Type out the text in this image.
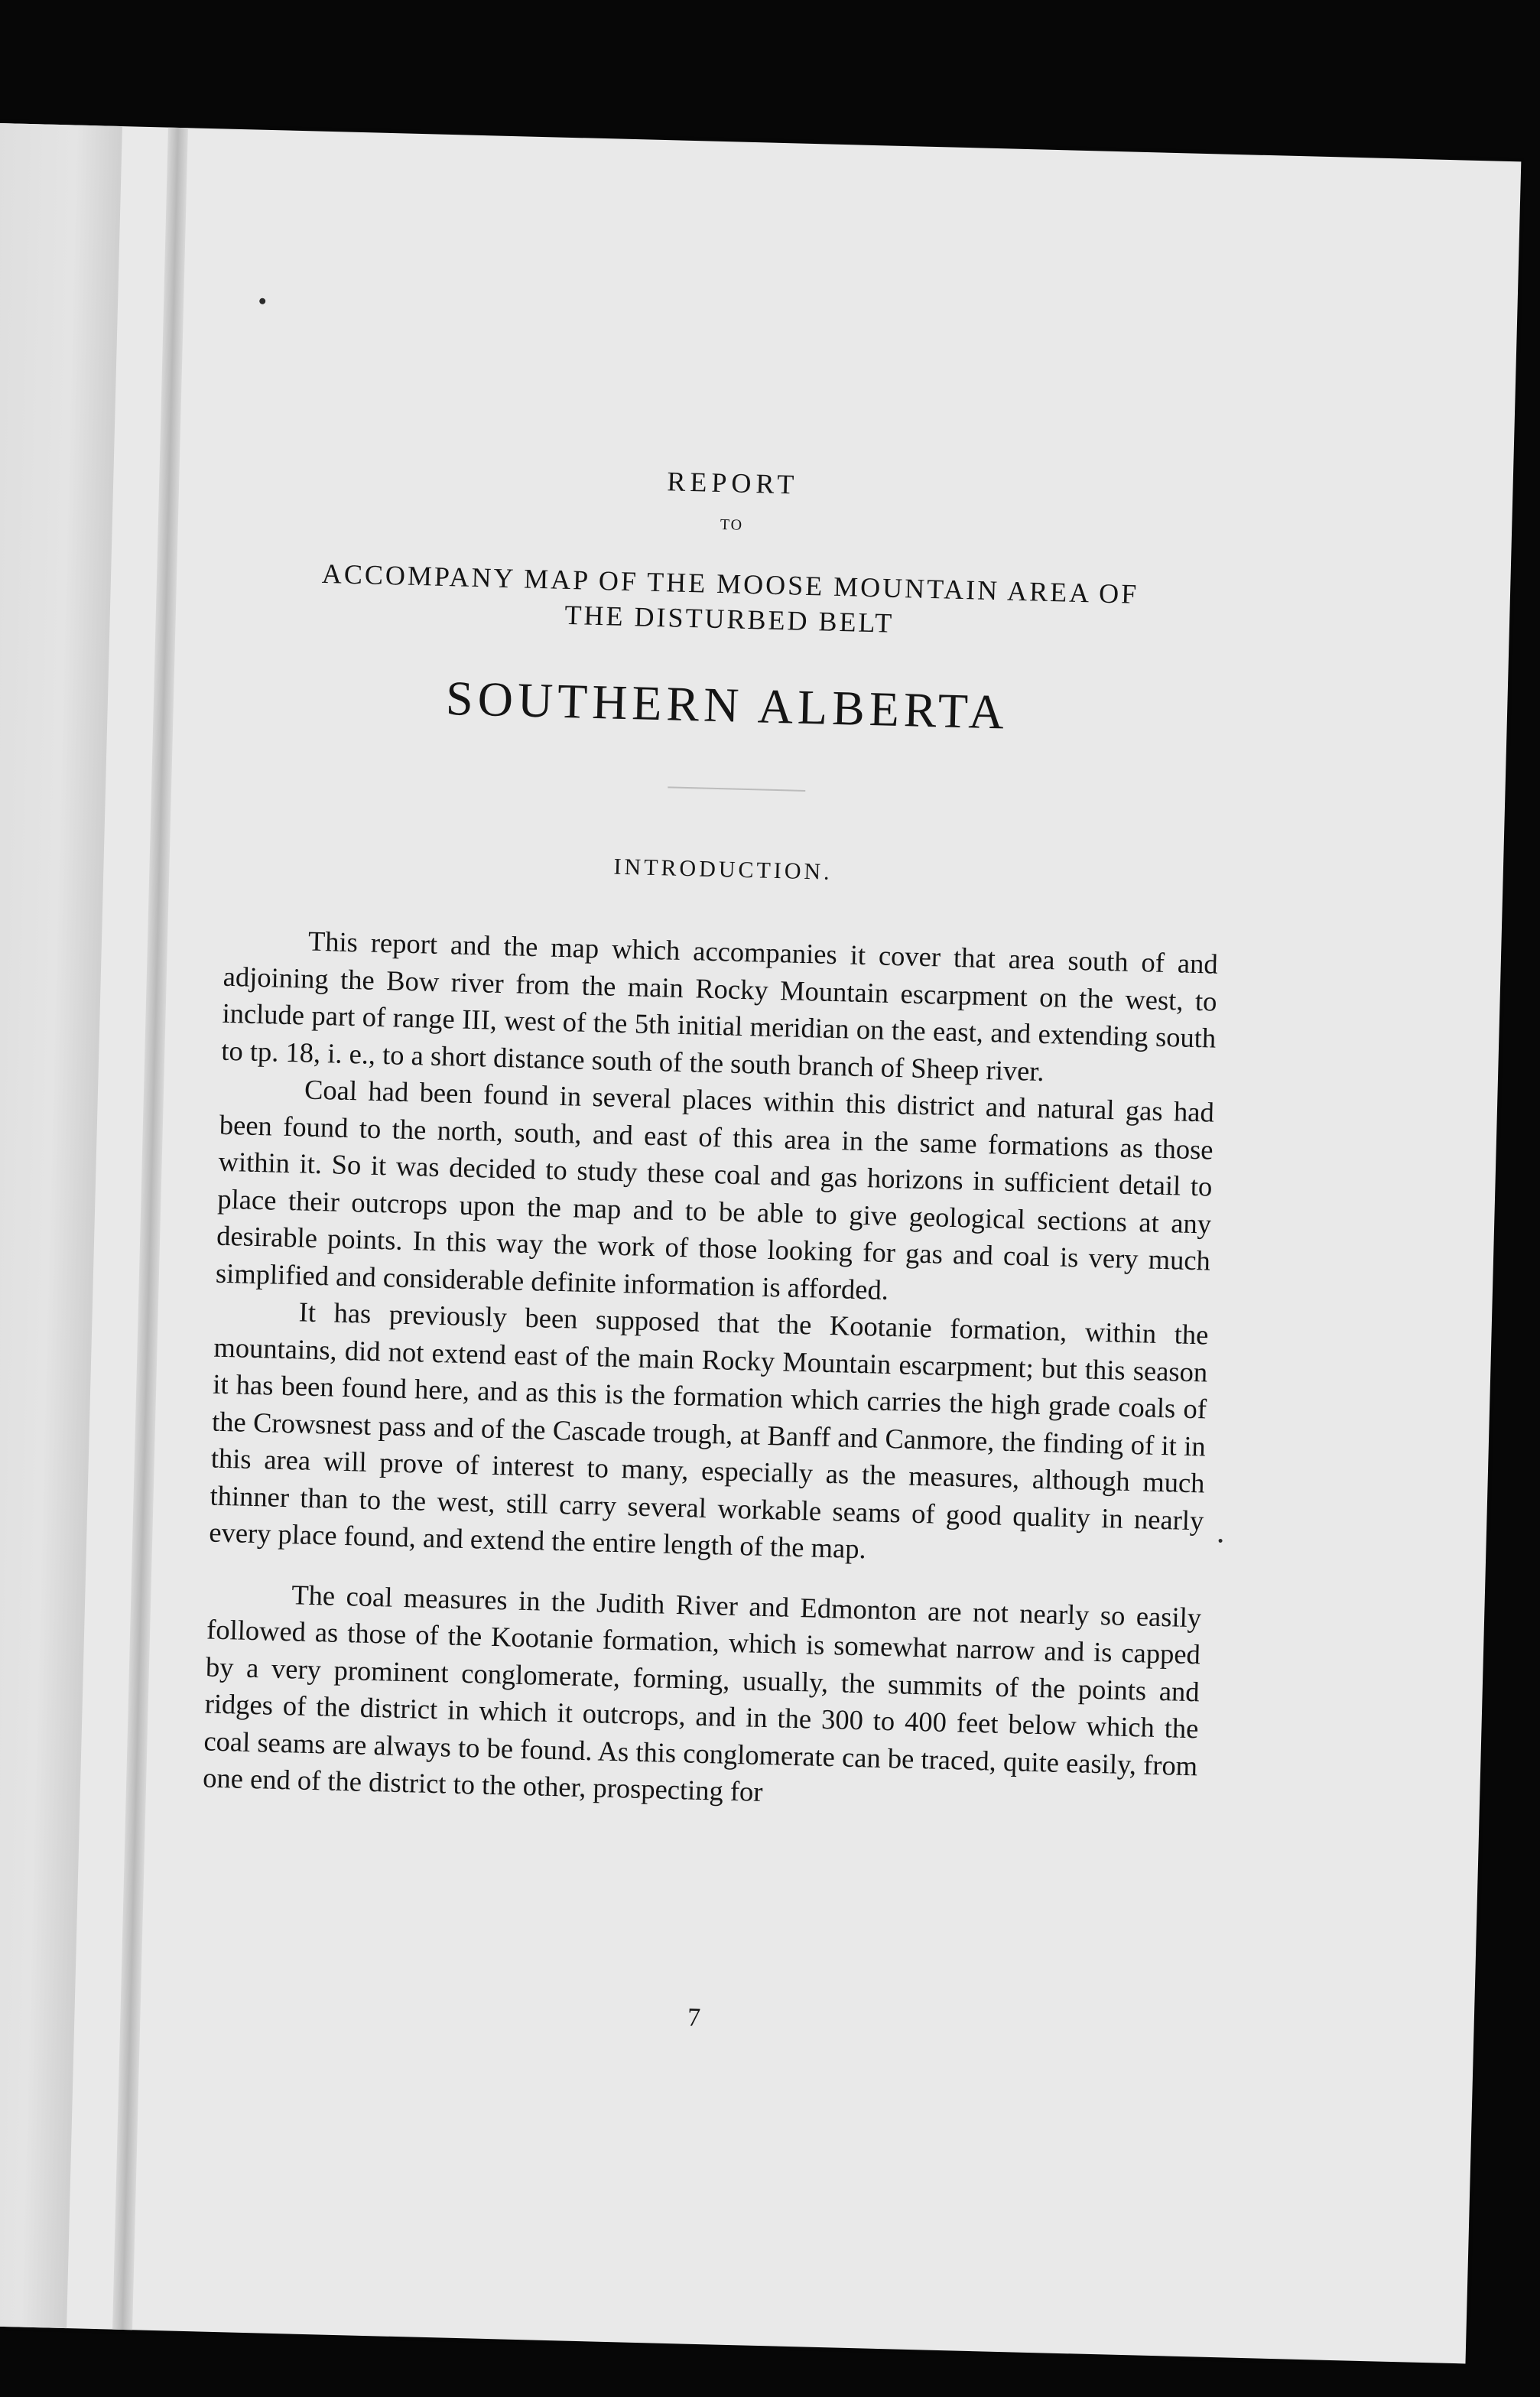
REPORT
TO
ACCOMPANY MAP OF THE MOOSE MOUNTAIN AREA OF
THE DISTURBED BELT
SOUTHERN ALBERTA
INTRODUCTION.

This report and the map which accompanies it cover that area south of and adjoining the Bow river from the main Rocky Mountain escarpment on the west, to include part of range III, west of the 5th initial meridian on the east, and extending south to tp. 18, i. e., to a short distance south of the south branch of Sheep river.

Coal had been found in several places within this district and natural gas had been found to the north, south, and east of this area in the same formations as those within it. So it was decided to study these coal and gas horizons in sufficient detail to place their outcrops upon the map and to be able to give geological sections at any desirable points. In this way the work of those looking for gas and coal is very much simplified and considerable definite information is afforded.

It has previously been supposed that the Kootanie formation, within the mountains, did not extend east of the main Rocky Mountain escarpment; but this season it has been found here, and as this is the formation which carries the high grade coals of the Crowsnest pass and of the Cascade trough, at Banff and Canmore, the finding of it in this area will prove of interest to many, especially as the measures, although much thinner than to the west, still carry several workable seams of good quality in nearly every place found, and extend the entire length of the map.

The coal measures in the Judith River and Edmonton are not nearly so easily followed as those of the Kootanie formation, which is somewhat narrow and is capped by a very prominent conglomerate, forming, usually, the summits of the points and ridges of the district in which it outcrops, and in the 300 to 400 feet below which the coal seams are always to be found. As this conglomerate can be traced, quite easily, from one end of the district to the other, prospecting for

7
